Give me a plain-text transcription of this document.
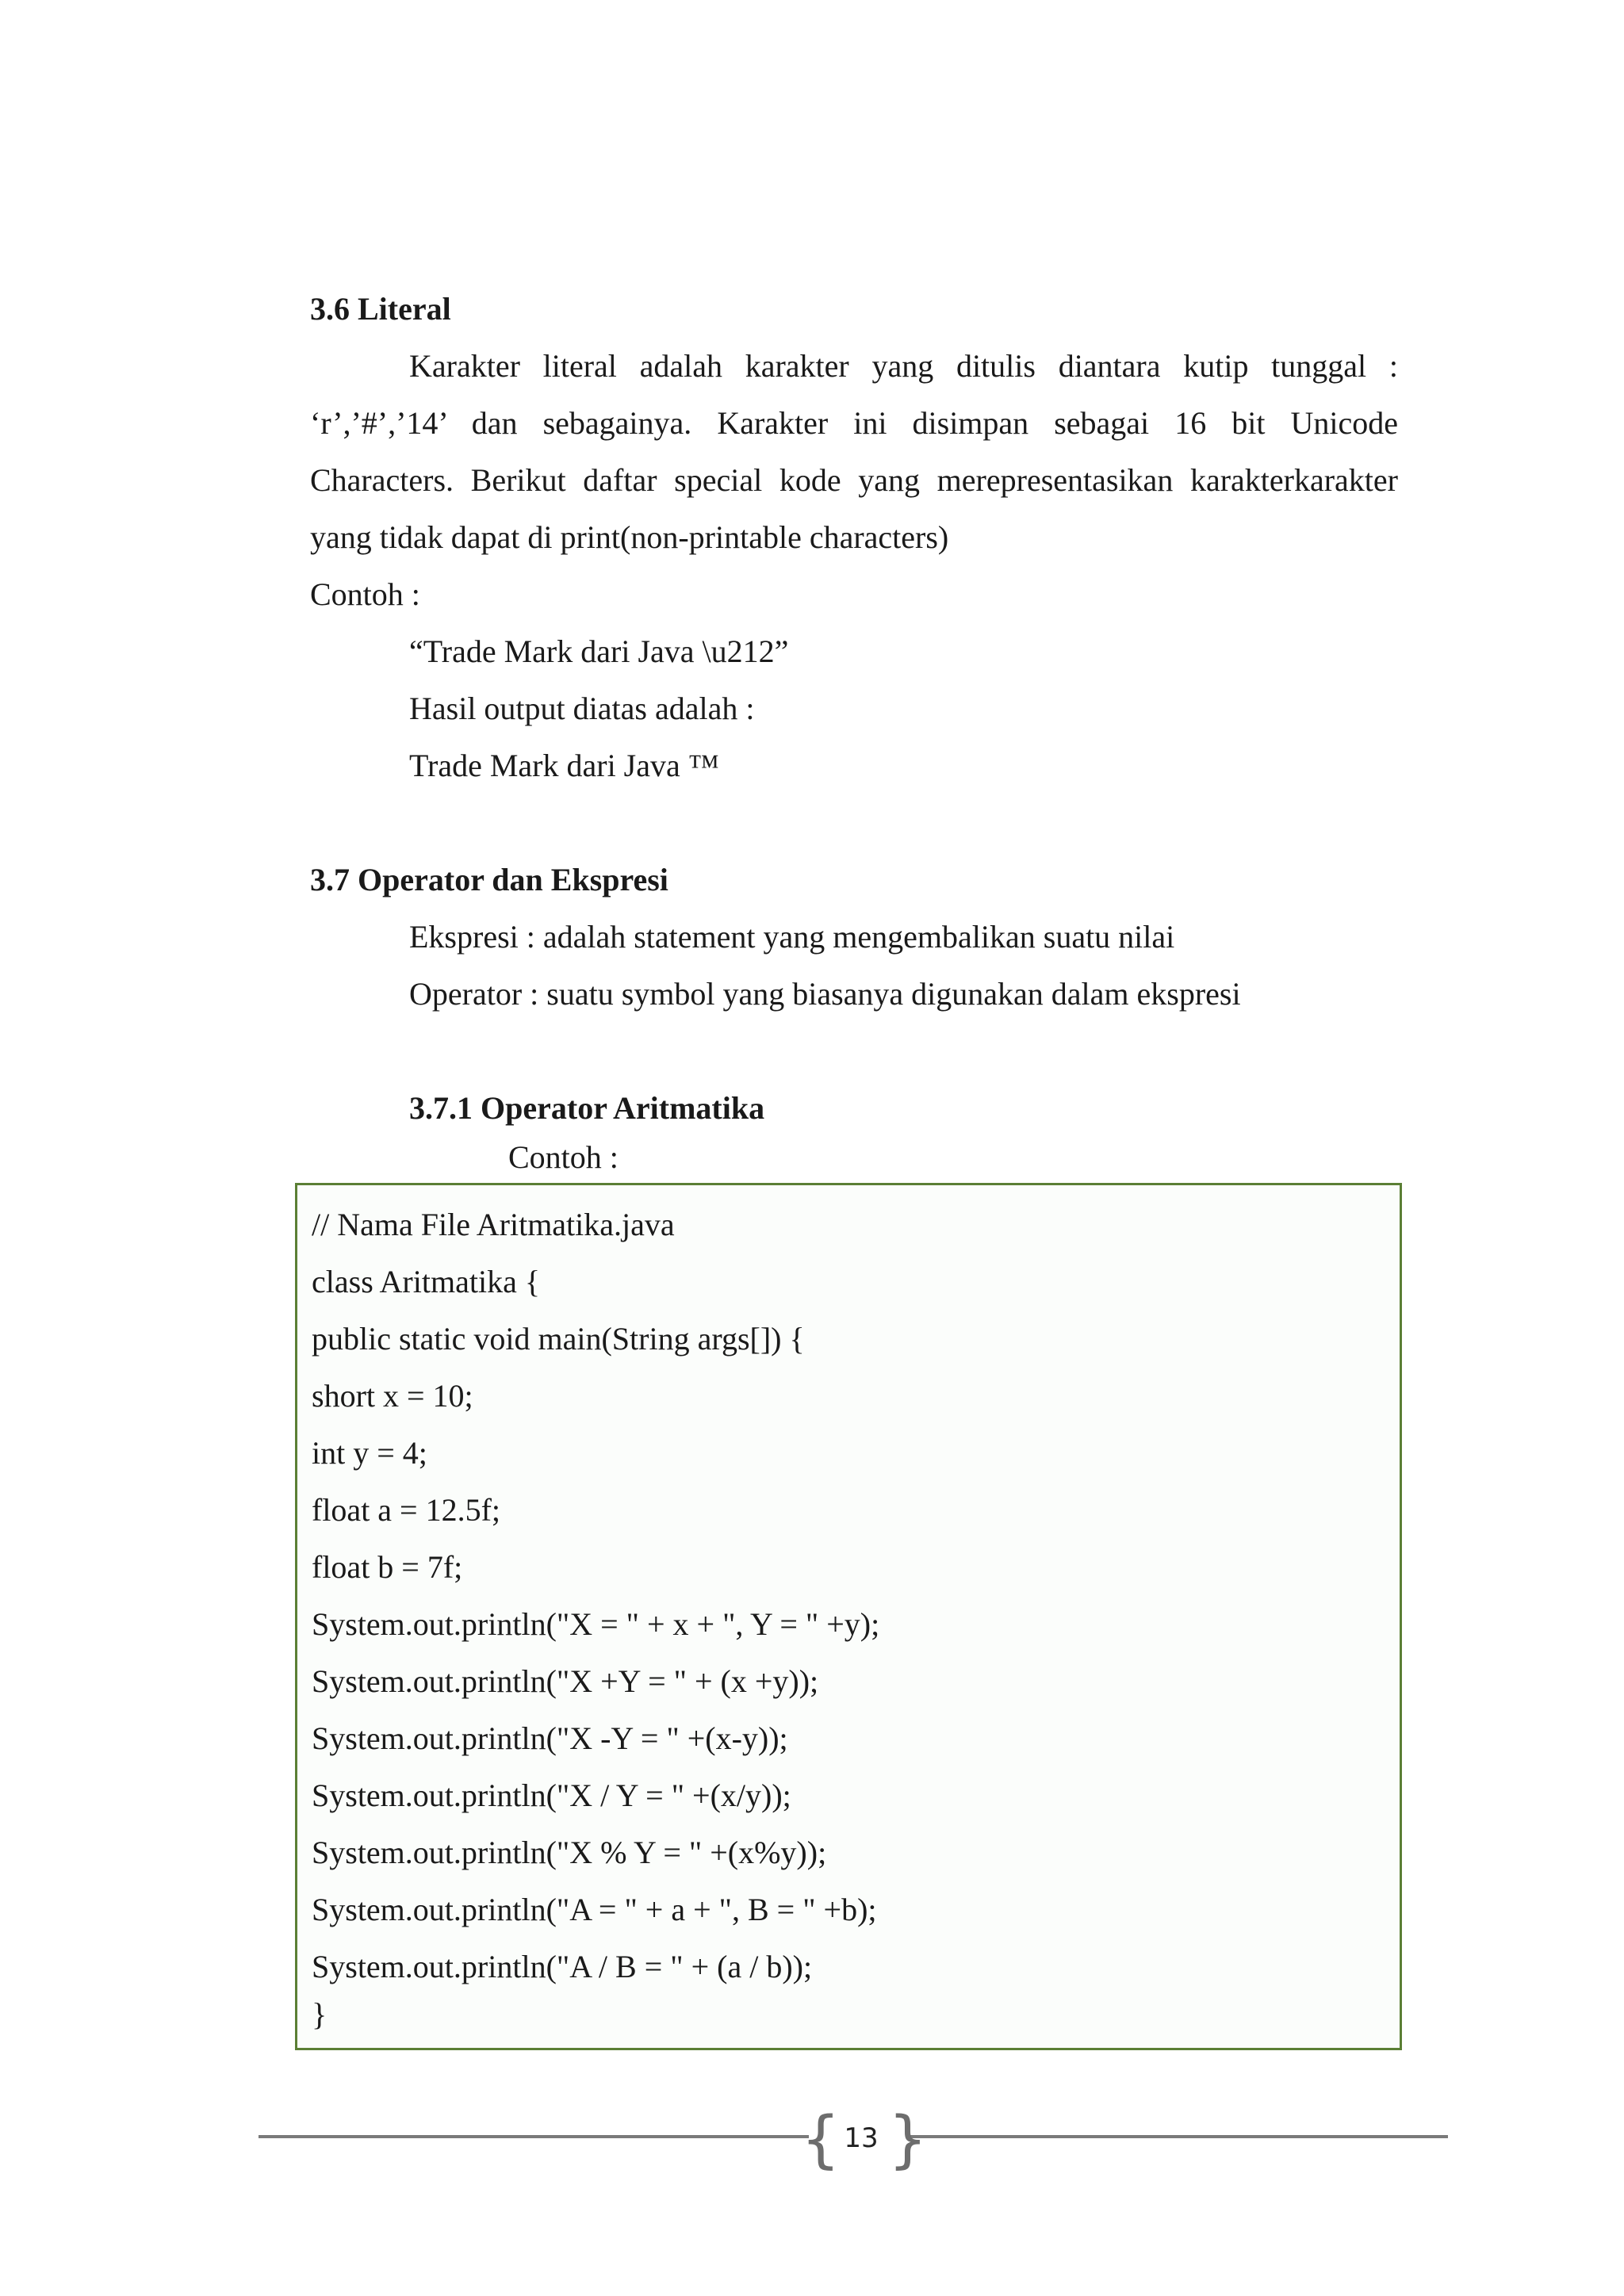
3.6 Literal
Karakter literal adalah karakter yang ditulis diantara kutip tunggal :
‘r’,’#’,’14’ dan sebagainya. Karakter ini disimpan sebagai 16 bit Unicode
Characters. Berikut daftar special kode yang merepresentasikan karakterkarakter
yang tidak dapat di print(non-printable characters)
Contoh :
“Trade Mark dari Java \u212”
Hasil output diatas adalah :
Trade Mark dari Java ™
3.7 Operator dan Ekspresi
Ekspresi : adalah statement yang mengembalikan suatu nilai
Operator : suatu symbol yang biasanya digunakan dalam ekspresi
3.7.1 Operator Aritmatika
Contoh :
// Nama File Aritmatika.java
class Aritmatika {
public static void main(String args[]) {
short x = 10;
int y = 4;
float a = 12.5f;
float b = 7f;
System.out.println("X = " + x + ", Y = " +y);
System.out.println("X +Y = " + (x +y));
System.out.println("X -Y = " +(x-y));
System.out.println("X / Y = " +(x/y));
System.out.println("X % Y = " +(x%y));
System.out.println("A = " + a + ", B = " +b);
System.out.println("A / B = " + (a / b));
}
{ }
13
